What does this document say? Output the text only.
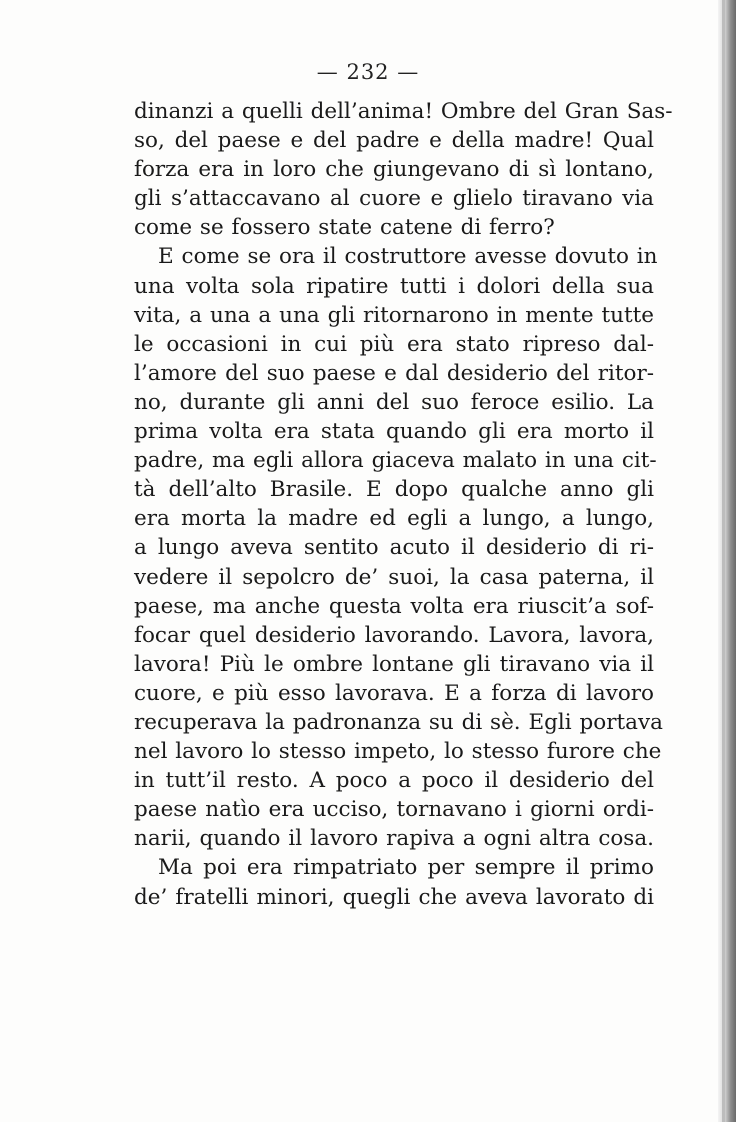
— 232 —
dinanzi a quelli dell’anima! Ombre del Gran Sas-
so, del paese e del padre e della madre! Qual
forza era in loro che giungevano di sì lontano,
gli s’attaccavano al cuore e glielo tiravano via
come se fossero state catene di ferro?
E come se ora il costruttore avesse dovuto in
una volta sola ripatire tutti i dolori della sua
vita, a una a una gli ritornarono in mente tutte
le occasioni in cui più era stato ripreso dal-
l’amore del suo paese e dal desiderio del ritor-
no, durante gli anni del suo feroce esilio. La
prima volta era stata quando gli era morto il
padre, ma egli allora giaceva malato in una cit-
tà dell’alto Brasile. E dopo qualche anno gli
era morta la madre ed egli a lungo, a lungo,
a lungo aveva sentito acuto il desiderio di ri-
vedere il sepolcro de’ suoi, la casa paterna, il
paese, ma anche questa volta era riuscit’a sof-
focar quel desiderio lavorando. Lavora, lavora,
lavora! Più le ombre lontane gli tiravano via il
cuore, e più esso lavorava. E a forza di lavoro
recuperava la padronanza su di sè. Egli portava
nel lavoro lo stesso impeto, lo stesso furore che
in tutt’il resto. A poco a poco il desiderio del
paese natìo era ucciso, tornavano i giorni ordi-
narii, quando il lavoro rapiva a ogni altra cosa.
Ma poi era rimpatriato per sempre il primo
de’ fratelli minori, quegli che aveva lavorato di
